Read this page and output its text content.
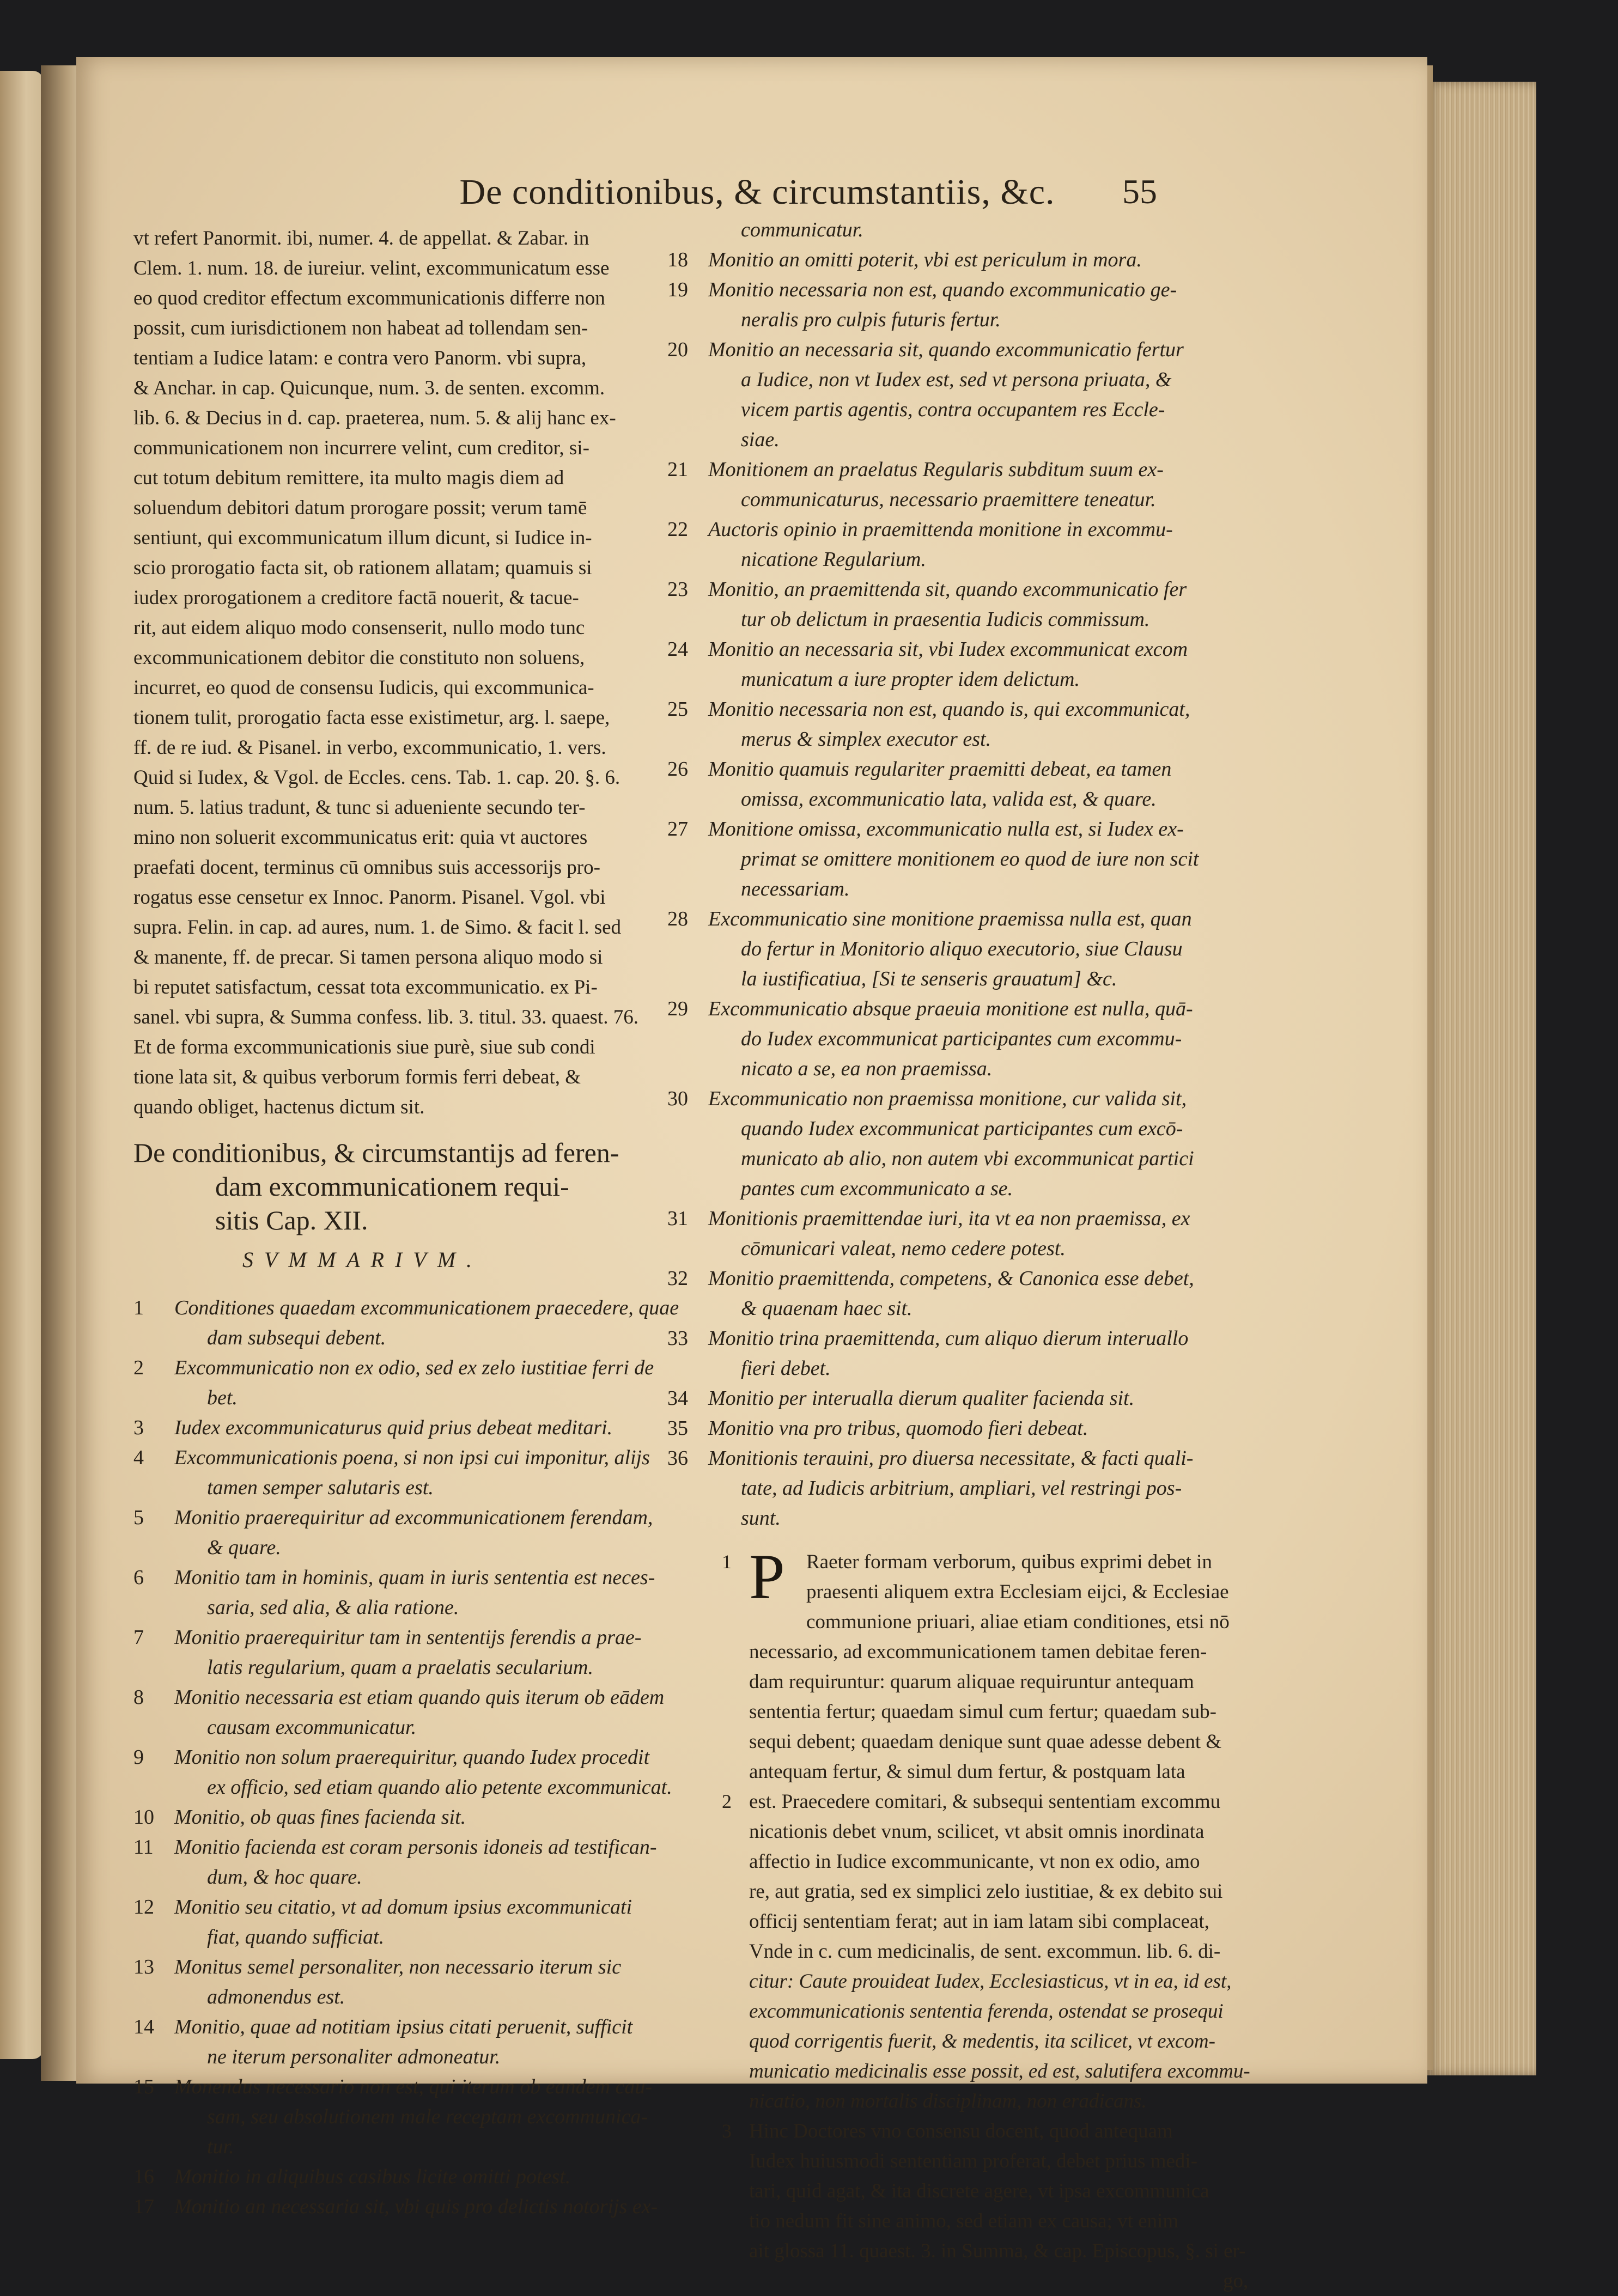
De conditionibus, & circumstantiis, &c.	55
vt refert Panormit. ibi, numer. 4. de appellat. & Zabar. in
Clem. 1. num. 18. de iureiur. velint, excommunicatum esse
eo quod creditor effectum excommunicationis differre non
possit, cum iurisdictionem non habeat ad tollendam sen-
tentiam a Iudice latam: e contra vero Panorm. vbi supra,
& Anchar. in cap. Quicunque, num. 3. de senten. excomm.
lib. 6. & Decius in d. cap. praeterea, num. 5. & alij hanc ex-
communicationem non incurrere velint, cum creditor, si-
cut totum debitum remittere, ita multo magis diem ad
soluendum debitori datum prorogare possit; verum tamē
sentiunt, qui excommunicatum illum dicunt, si Iudice in-
scio prorogatio facta sit, ob rationem allatam; quamuis si
iudex prorogationem a creditore factā nouerit, & tacue-
rit, aut eidem aliquo modo consenserit, nullo modo tunc
excommunicationem debitor die constituto non soluens,
incurret, eo quod de consensu Iudicis, qui excommunica-
tionem tulit, prorogatio facta esse existimetur, arg. l. saepe,
ff. de re iud. & Pisanel. in verbo, excommunicatio, 1. vers.
Quid si Iudex, & Vgol. de Eccles. cens. Tab. 1. cap. 20. §. 6.
num. 5. latius tradunt, & tunc si adueniente secundo ter-
mino non soluerit excommunicatus erit: quia vt auctores
praefati docent, terminus cū omnibus suis accessorijs pro-
rogatus esse censetur ex Innoc. Panorm. Pisanel. Vgol. vbi
supra. Felin. in cap. ad aures, num. 1. de Simo. & facit l. sed
& manente, ff. de precar. Si tamen persona aliquo modo si
bi reputet satisfactum, cessat tota excommunicatio. ex Pi-
sanel. vbi supra, & Summa confess. lib. 3. titul. 33. quaest. 76.
Et de forma excommunicationis siue purè, siue sub condi
tione lata sit, & quibus verborum formis ferri debeat, &
quando obliget, hactenus dictum sit.
De conditionibus, & circumstantijs ad feren-
dam excommunicationem requi-
sitis Cap. XII.
SVMMARIVM.
1	Conditiones quaedam excommunicationem praecedere, quae
dam subsequi debent.
2	Excommunicatio non ex odio, sed ex zelo iustitiae ferri de
bet.
3	Iudex excommunicaturus quid prius debeat meditari.
4	Excommunicationis poena, si non ipsi cui imponitur, alijs
tamen semper salutaris est.
5	Monitio praerequiritur ad excommunicationem ferendam,
& quare.
6	Monitio tam in hominis, quam in iuris sententia est neces-
saria, sed alia, & alia ratione.
7	Monitio praerequiritur tam in sententijs ferendis a prae-
latis regularium, quam a praelatis secularium.
8	Monitio necessaria est etiam quando quis iterum ob eādem
causam excommunicatur.
9	Monitio non solum praerequiritur, quando Iudex procedit
ex officio, sed etiam quando alio petente excommunicat.
10 Monitio, ob quas fines facienda sit.
11	Monitio facienda est coram personis idoneis ad testifican-
dum, & hoc quare.
12 Monitio seu citatio, vt ad domum ipsius excommunicati
fiat, quando sufficiat.
13 Monitus semel personaliter, non necessario iterum sic
admonendus est.
14 Monitio, quae ad notitiam ipsius citati peruenit, sufficit
ne iterum personaliter admoneatur.
15 Monendus necessario non est, qui iterum ob eandem cau-
sam, seu absolutionem male receptam excommunica-
tur.
16 Monitio in aliquibus casibus licite omitti potest.
17 Monitio an necessaria sit, vbi quis pro delictis notorijs ex-
communicatur.
18 Monitio an omitti poterit, vbi est periculum in mora.
19 Monitio necessaria non est, quando excommunicatio ge-
neralis pro culpis futuris fertur.
20 Monitio an necessaria sit, quando excommunicatio fertur
a Iudice, non vt Iudex est, sed vt persona priuata, &
vicem partis agentis, contra occupantem res Eccle-
siae.
21 Monitionem an praelatus Regularis subditum suum ex-
communicaturus, necessario praemittere teneatur.
22 Auctoris opinio in praemittenda monitione in excommu-
nicatione Regularium.
23 Monitio, an praemittenda sit, quando excommunicatio fer
tur ob delictum in praesentia Iudicis commissum.
24 Monitio an necessaria sit, vbi Iudex excommunicat excom
municatum a iure propter idem delictum.
25 Monitio necessaria non est, quando is, qui excommunicat,
merus & simplex executor est.
26 Monitio quamuis regulariter praemitti debeat, ea tamen
omissa, excommunicatio lata, valida est, & quare.
27 Monitione omissa, excommunicatio nulla est, si Iudex ex-
primat se omittere monitionem eo quod de iure non scit
necessariam.
28 Excommunicatio sine monitione praemissa nulla est, quan
do fertur in Monitorio aliquo executorio, siue Clausu
la iustificatiua, [Si te senseris grauatum] &c.
29 Excommunicatio absque praeuia monitione est nulla, quā-
do Iudex excommunicat participantes cum excommu-
nicato a se, ea non praemissa.
30 Excommunicatio non praemissa monitione, cur valida sit,
quando Iudex excommunicat participantes cum excō-
municato ab alio, non autem vbi excommunicat partici
pantes cum excommunicato a se.
31 Monitionis praemittendae iuri, ita vt ea non praemissa, ex
cōmunicari valeat, nemo cedere potest.
32 Monitio praemittenda, competens, & Canonica esse debet,
& quaenam haec sit.
33 Monitio trina praemittenda, cum aliquo dierum interuallo
fieri debet.
34 Monitio per interualla dierum qualiter facienda sit.
35 Monitio vna pro tribus, quomodo fieri debeat.
36 Monitionis terauini, pro diuersa necessitate, & facti quali-
tate, ad Iudicis arbitrium, ampliari, vel restringi pos-
sunt.
P
1	Raeter formam verborum, quibus exprimi debet in
praesenti aliquem extra Ecclesiam eijci, & Ecclesiae
communione priuari, aliae etiam conditiones, etsi nō
necessario, ad excommunicationem tamen debitae feren-
dam requiruntur: quarum aliquae requiruntur antequam
sententia fertur; quaedam simul cum fertur; quaedam sub-
sequi debent; quaedam denique sunt quae adesse debent &
antequam fertur, & simul dum fertur, & postquam lata
2 est. Praecedere comitari, & subsequi sententiam excommu
nicationis debet vnum, scilicet, vt absit omnis inordinata
affectio in Iudice excommunicante, vt non ex odio, amo
re, aut gratia, sed ex simplici zelo iustitiae, & ex debito sui
officij sententiam ferat; aut in iam latam sibi complaceat,
Vnde in c. cum medicinalis, de sent. excommun. lib. 6. di-
citur: Caute prouideat Iudex, Ecclesiasticus, vt in ea, id est,
excommunicationis sententia ferenda, ostendat se prosequi
quod corrigentis fuerit, & medentis, ita scilicet, vt excom-
municatio medicinalis esse possit, ed est, salutifera excommu-
nicatio, non mortalis disciplinam, non eradicans.
3 Hinc Doctores vno consensu docent, quod antequam
Iudex huiusmodi sententiam proferat, debet prius medi-
tari, quid agat, & ita discrete agere, vt ipsa excommunica
tio nedum fit sine animo, sed etiam ex causa; vt enim
ait glossa 11. quaest. 3. in Summa, & cap. Episcopus, §. si er-
go,
